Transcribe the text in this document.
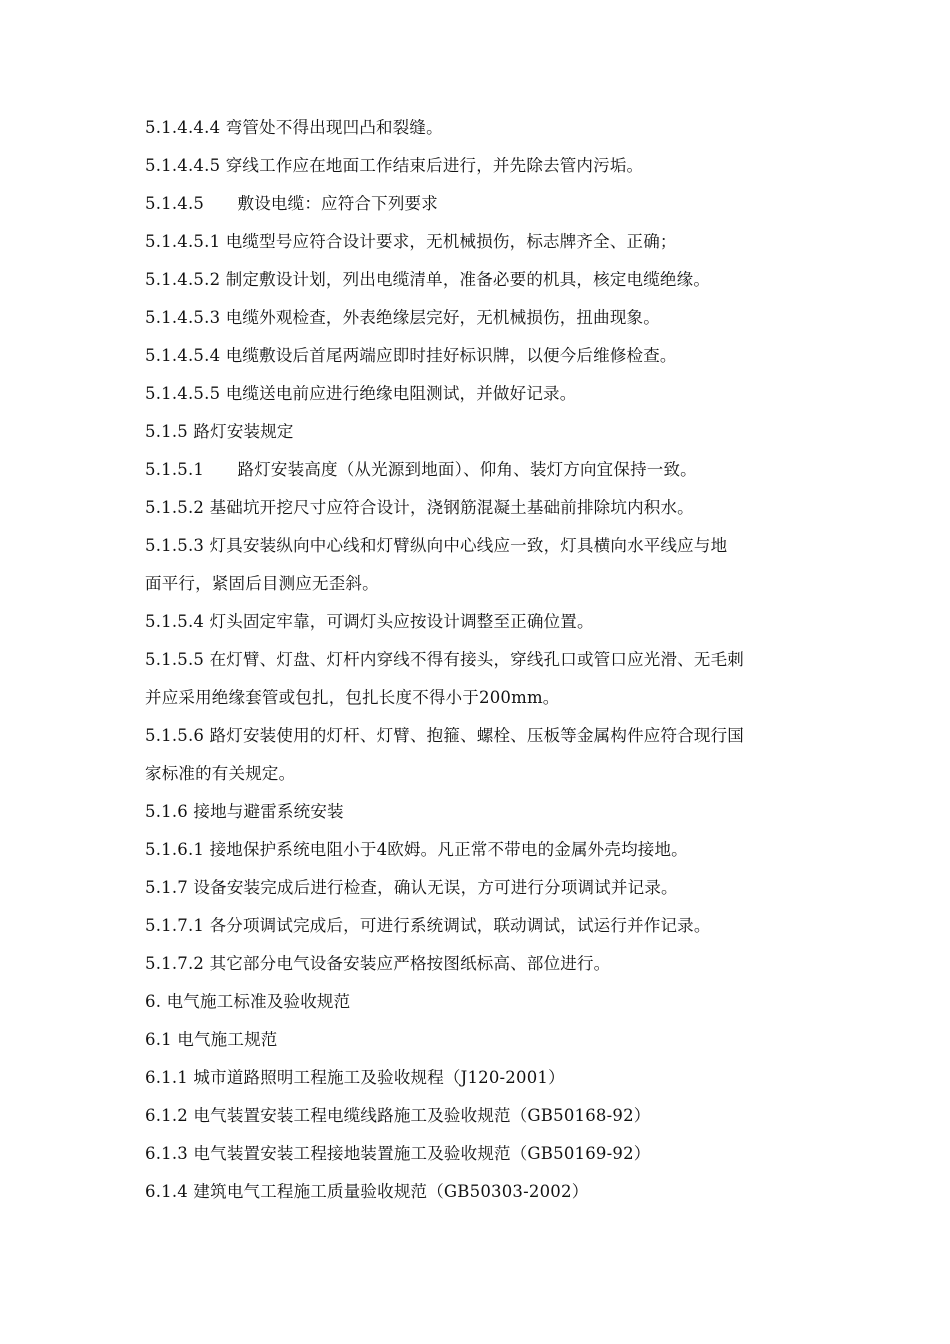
5.1.4.4.4 弯管处不得出现凹凸和裂缝。
5.1.4.4.5 穿线工作应在地面工作结束后进行，并先除去管内污垢。
5.1.4.5　　敷设电缆：应符合下列要求
5.1.4.5.1 电缆型号应符合设计要求，无机械损伤，标志牌齐全、正确；
5.1.4.5.2 制定敷设计划，列出电缆清单，准备必要的机具，核定电缆绝缘。
5.1.4.5.3 电缆外观检查，外表绝缘层完好，无机械损伤，扭曲现象。
5.1.4.5.4 电缆敷设后首尾两端应即时挂好标识牌，以便今后维修检查。
5.1.4.5.5 电缆送电前应进行绝缘电阻测试，并做好记录。
5.1.5 路灯安装规定
5.1.5.1　　路灯安装高度（从光源到地面）、仰角、装灯方向宜保持一致。
5.1.5.2 基础坑开挖尺寸应符合设计，浇钢筋混凝土基础前排除坑内积水。
5.1.5.3 灯具安装纵向中心线和灯臂纵向中心线应一致，灯具横向水平线应与地
面平行，紧固后目测应无歪斜。
5.1.5.4 灯头固定牢靠，可调灯头应按设计调整至正确位置。
5.1.5.5 在灯臂、灯盘、灯杆内穿线不得有接头，穿线孔口或管口应光滑、无毛刺
并应采用绝缘套管或包扎，包扎长度不得小于200mm。
5.1.5.6 路灯安装使用的灯杆、灯臂、抱箍、螺栓、压板等金属构件应符合现行国
家标准的有关规定。
5.1.6 接地与避雷系统安装
5.1.6.1 接地保护系统电阻小于4欧姆。凡正常不带电的金属外壳均接地。
5.1.7 设备安装完成后进行检查，确认无误，方可进行分项调试并记录。
5.1.7.1 各分项调试完成后，可进行系统调试，联动调试，试运行并作记录。
5.1.7.2 其它部分电气设备安装应严格按图纸标高、部位进行。
6. 电气施工标准及验收规范
6.1 电气施工规范
6.1.1 城市道路照明工程施工及验收规程（J120-2001）
6.1.2 电气装置安装工程电缆线路施工及验收规范（GB50168-92）
6.1.3 电气装置安装工程接地装置施工及验收规范（GB50169-92）
6.1.4 建筑电气工程施工质量验收规范（GB50303-2002）
